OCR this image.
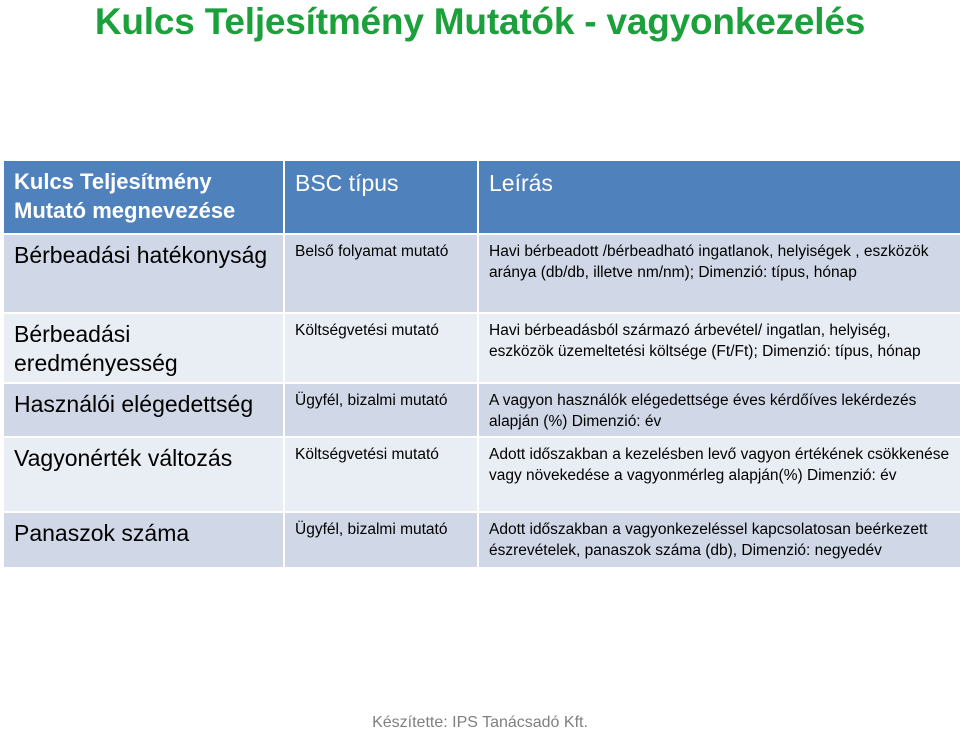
Kulcs Teljesítmény Mutatók - vagyonkezelés
Kulcs Teljesítmény Mutató megnevezése	BSC típus	Leírás
Bérbeadási hatékonyság	Belső folyamat mutató	Havi bérbeadott /bérbeadható ingatlanok, helyiségek , eszközök aránya (db/db, illetve nm/nm); Dimenzió: típus, hónap
Bérbeadási eredményesség	Költségvetési mutató	Havi bérbeadásból származó árbevétel/ ingatlan, helyiség, eszközök üzemeltetési költsége (Ft/Ft); Dimenzió: típus, hónap
Használói elégedettség	Ügyfél, bizalmi mutató	A vagyon használók elégedettsége éves kérdőíves lekérdezés alapján (%) Dimenzió: év
Vagyonérték változás	Költségvetési mutató	Adott időszakban a kezelésben levő vagyon értékének csökkenése vagy növekedése a vagyonmérleg alapján(%) Dimenzió: év
Panaszok száma	Ügyfél, bizalmi mutató	Adott időszakban a vagyonkezeléssel kapcsolatosan beérkezett észrevételek, panaszok száma (db), Dimenzió: negyedév
Készítette: IPS Tanácsadó Kft.
